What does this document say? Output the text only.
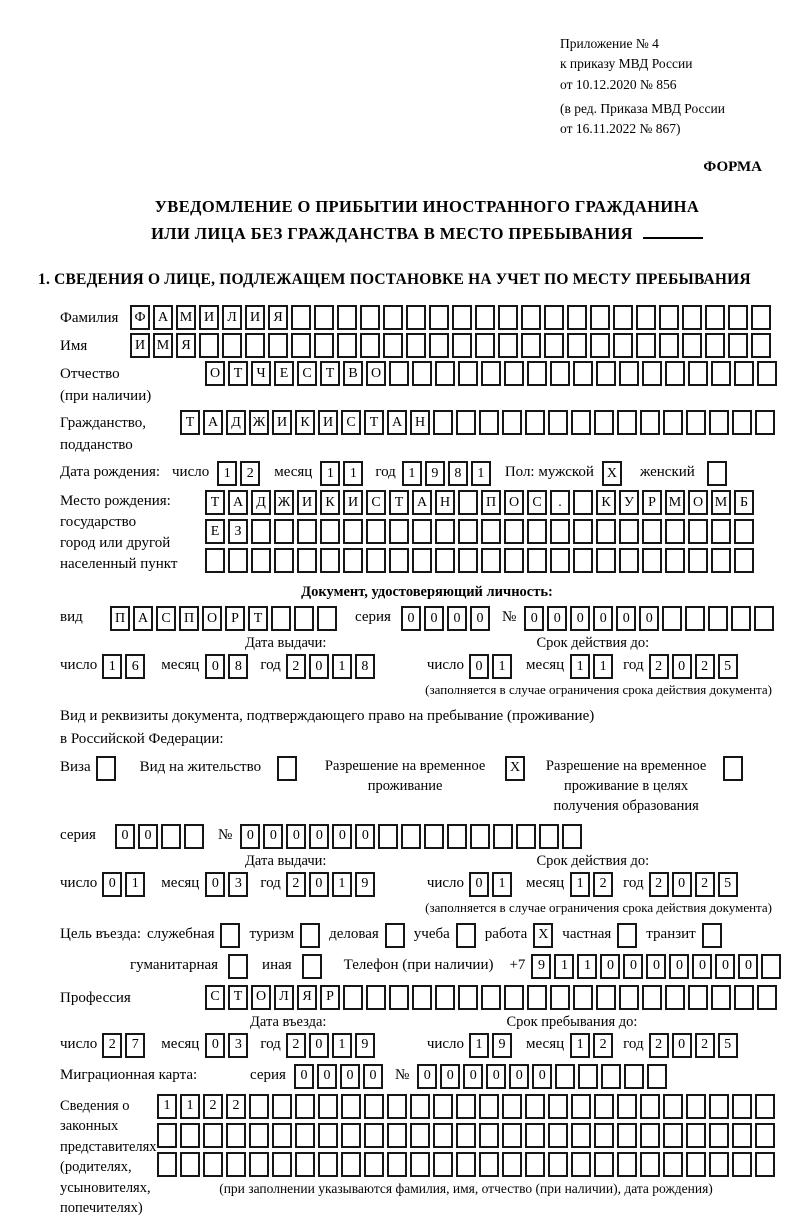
Приложение № 4
к приказу МВД России
от 10.12.2020 № 856
(в ред. Приказа МВД России
от 16.11.2022 № 867)
ФОРМА
УВЕДОМЛЕНИЕ О ПРИБЫТИИ ИНОСТРАННОГО ГРАЖДАНИНА
ИЛИ ЛИЦА БЕЗ ГРАЖДАНСТВА В МЕСТО ПРЕБЫВАНИЯ
1. СВЕДЕНИЯ О ЛИЦЕ, ПОДЛЕЖАЩЕМ ПОСТАНОВКЕ НА УЧЕТ ПО МЕСТУ ПРЕБЫВАНИЯ
Фамилия	Ф А М И Л И Я
Имя	И М Я
Отчество
(при наличии)
О Т	Ч	Е	С	Т	В О
Гражданство,
подданство
Т А Д Ж И К И С	Т А Н
Дата рождения: число	1	2	месяц	1	1	год 1	9	8	1	Пол: мужской X	женский
Место рождения:
государство
город или другой
населенный пункт
Т А Д Ж И К И С	Т А Н	П О С	.	К У	Р М О М Б
Е	З
Документ, удостоверяющий личность:
вид	П А С П О	Р	Т	серия	0	0	0	0	№	0	0	0	0	0	0
Дата выдачи:	Срок действия до:
число 1	6	месяц 0	8	год 2	0	1	8	число 0	1	месяц 1	1	год 2	0	2	5
(заполняется в случае ограничения срока действия документа)
Вид и реквизиты документа, подтверждающего право на пребывание (проживание)
в Российской Федерации:
Виза	Вид на жительство	Разрешение на временное
проживание
X	Разрешение на временное
проживание в целях
получения образования
серия	0	0	№	0	0	0	0	0	0
Дата выдачи:	Срок действия до:
число 0	1	месяц 0	3	год 2	0	1	9	число 0	1	месяц 1	2	год 2	0	2	5
(заполняется в случае ограничения срока действия документа)
Цель въезда: служебная туризм деловая учеба работа X частная транзит
гуманитарная	иная	Телефон (при наличии) +7 9	1	1	0	0	0	0	0	0	0
Профессия	С	Т О Л Я	Р
Дата въезда:	Срок пребывания до:
число 2	7	месяц 0	3	год 2	0	1	9	число 1	9	месяц 1	2	год 2	0	2	5
Миграционная карта:	серия	0	0	0	0	№	0	0	0	0	0	0
Сведения о
законных
представителях
(родителях,
усыновителях,
попечителях)
1	1	2	2
(при заполнении указываются фамилия, имя, отчество (при наличии), дата рождения)
